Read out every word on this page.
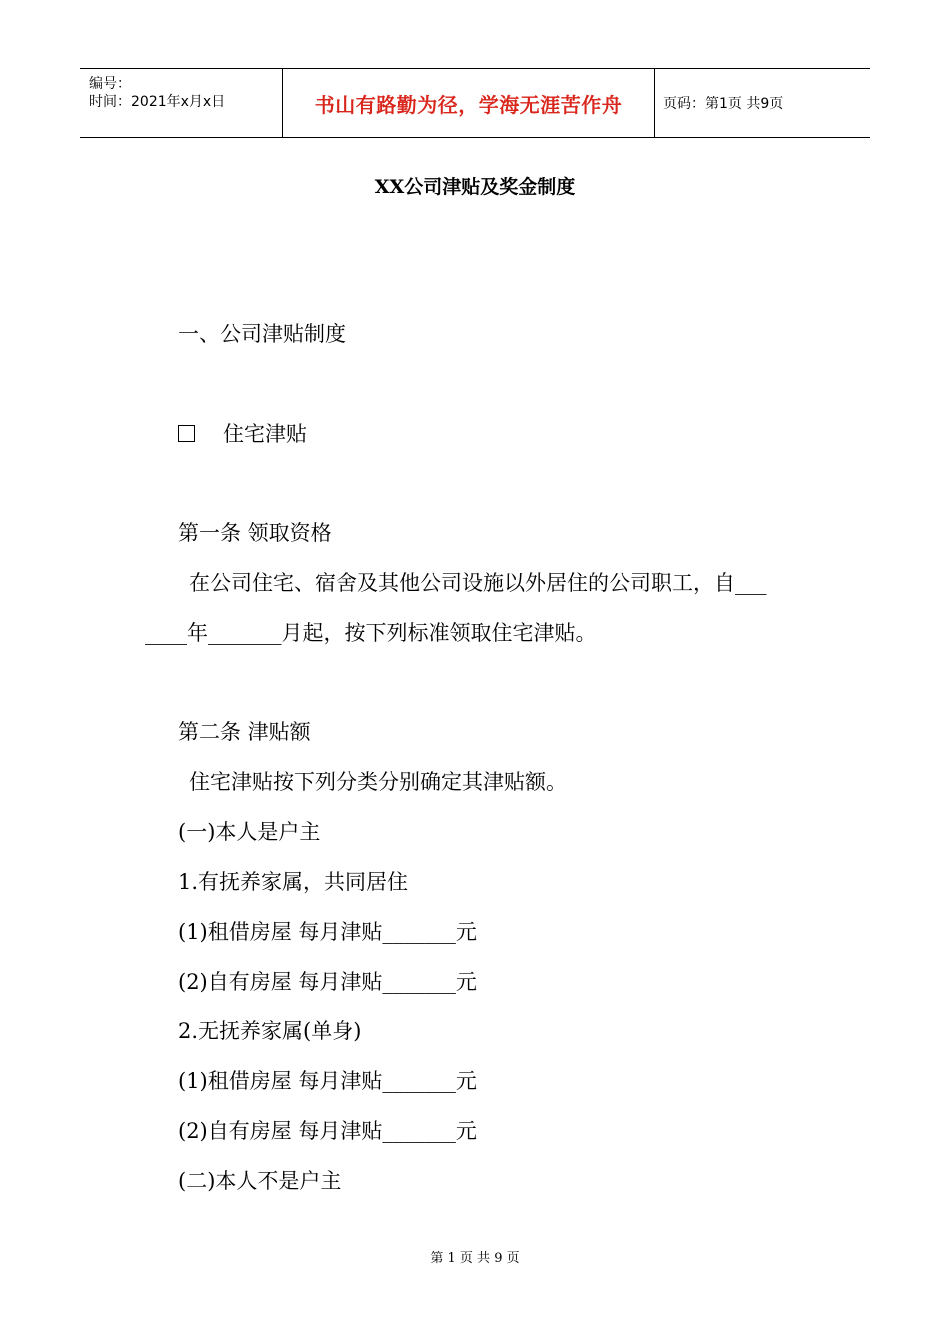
编号：
时间：2021年x月x日	书山有路勤为径，学海无涯苦作舟	页码：第1页 共9页
XX公司津贴及奖金制度
一、公司津贴制度
住宅津贴
第一条 领取资格
在公司住宅、宿舍及其他公司设施以外居住的公司职工，自___
____年_______月起，按下列标准领取住宅津贴。
第二条 津贴额
住宅津贴按下列分类分别确定其津贴额。
(一)本人是户主
1.有抚养家属，共同居住
(1)租借房屋 每月津贴_______元
(2)自有房屋 每月津贴_______元
2.无抚养家属(单身)
(1)租借房屋 每月津贴_______元
(2)自有房屋 每月津贴_______元
(二)本人不是户主
第 1 页 共 9 页
